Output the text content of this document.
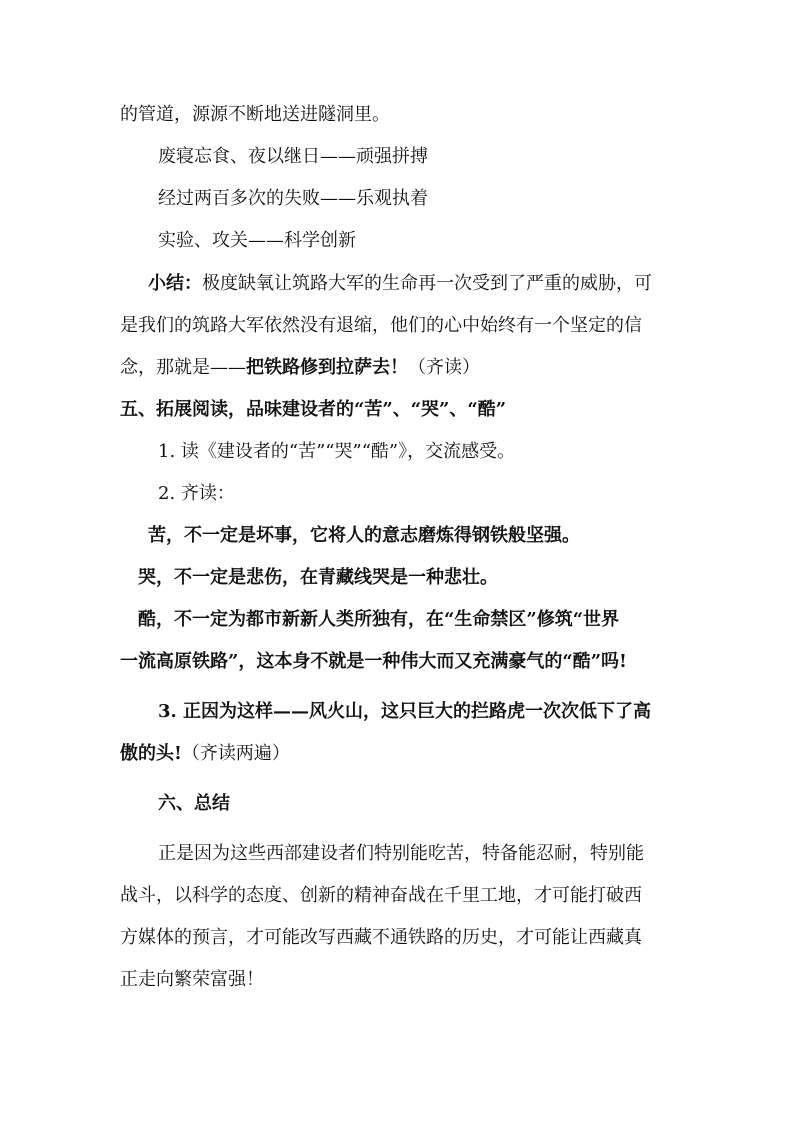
的管道，源源不断地送进隧洞里。

废寝忘食、夜以继日——顽强拼搏

经过两百多次的失败——乐观执着

实验、攻关——科学创新

小结：极度缺氧让筑路大军的生命再一次受到了严重的威胁，可

是我们的筑路大军依然没有退缩，他们的心中始终有一个坚定的信

念，那就是——把铁路修到拉萨去！（齐读）

五、拓展阅读，品味建设者的“苦”、“哭”、“酷”

1. 读《建设者的“苦”“哭”“酷”》，交流感受。

2. 齐读：

苦，不一定是坏事，它将人的意志磨炼得钢铁般坚强。

哭，不一定是悲伤，在青藏线哭是一种悲壮。

酷，不一定为都市新新人类所独有，在“生命禁区”修筑“世界

一流高原铁路”，这本身不就是一种伟大而又充满豪气的“酷”吗!

3. 正因为这样——风火山，这只巨大的拦路虎一次次低下了高

傲的头!（齐读两遍）

六、总结

正是因为这些西部建设者们特别能吃苦，特备能忍耐，特别能

战斗，以科学的态度、创新的精神奋战在千里工地，才可能打破西

方媒体的预言，才可能改写西藏不通铁路的历史，才可能让西藏真

正走向繁荣富强！
